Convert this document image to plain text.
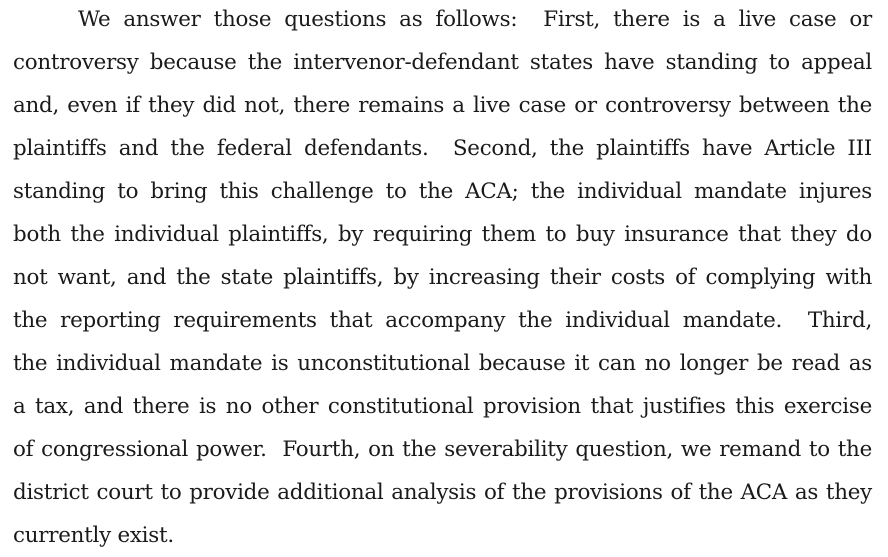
We answer those questions as follows:  First, there is a live case or
controversy because the intervenor-defendant states have standing to appeal
and, even if they did not, there remains a live case or controversy between the
plaintiffs and the federal defendants.  Second, the plaintiffs have Article III
standing to bring this challenge to the ACA; the individual mandate injures
both the individual plaintiffs, by requiring them to buy insurance that they do
not want, and the state plaintiffs, by increasing their costs of complying with
the reporting requirements that accompany the individual mandate.  Third,
the individual mandate is unconstitutional because it can no longer be read as
a tax, and there is no other constitutional provision that justifies this exercise
of congressional power.  Fourth, on the severability question, we remand to the
district court to provide additional analysis of the provisions of the ACA as they
currently exist.
